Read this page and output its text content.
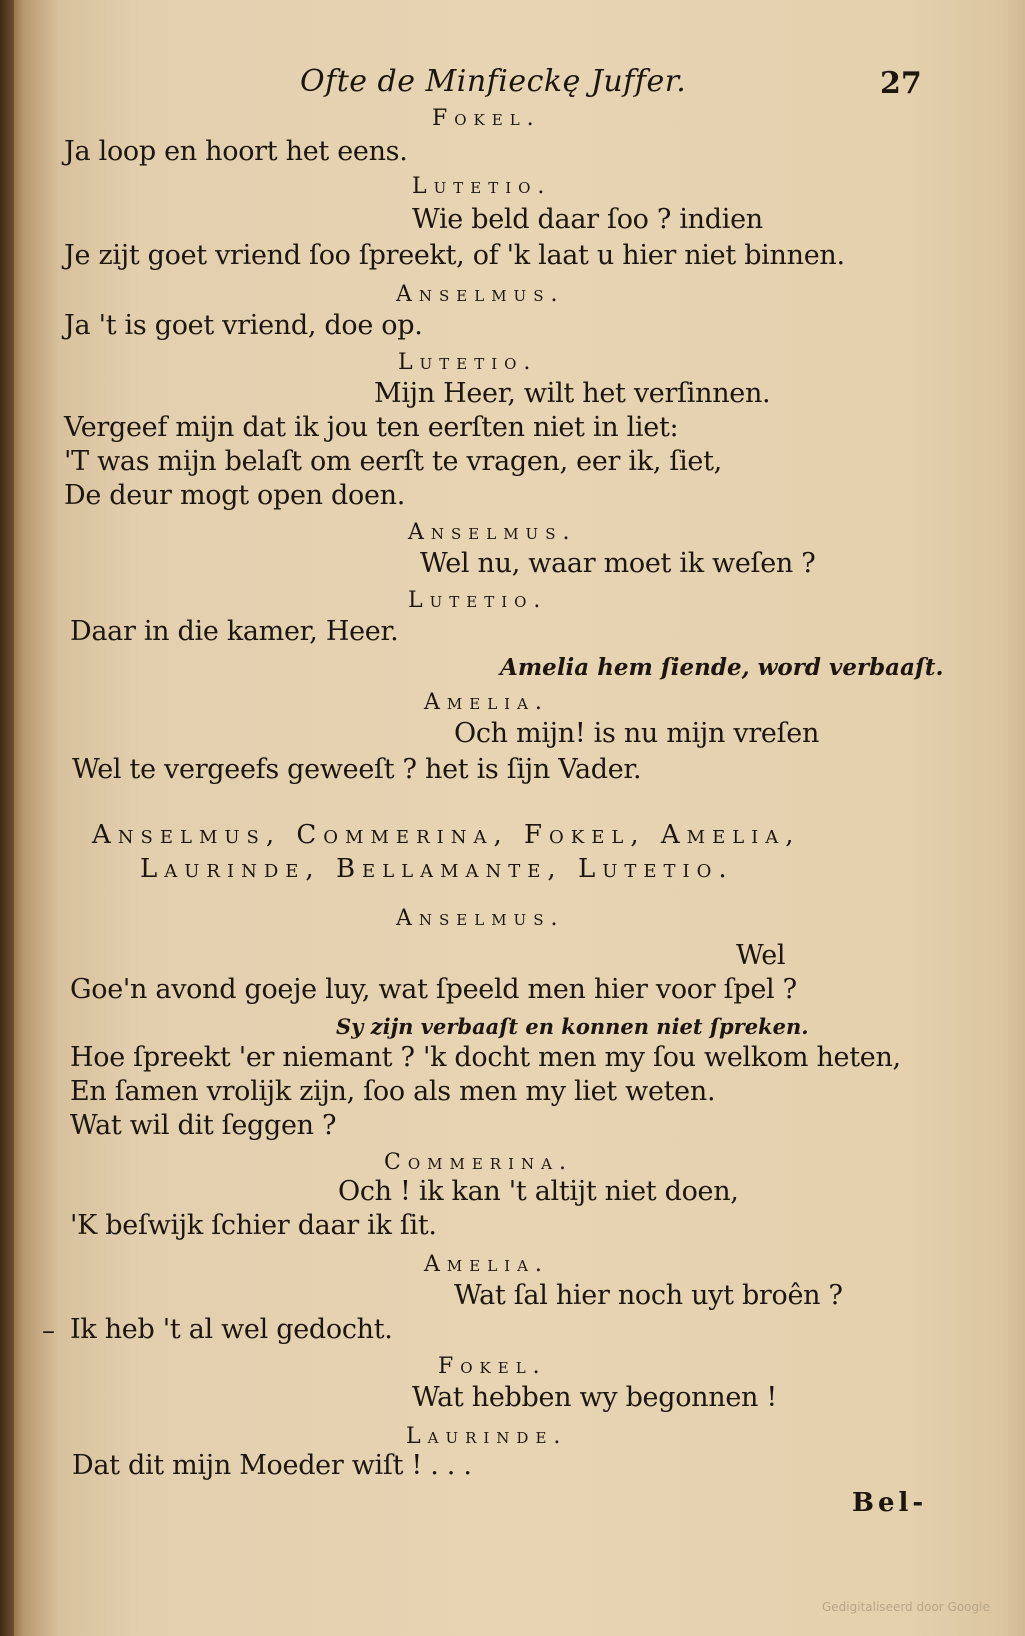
Ofte de Minfieckę Juffer.	27
Fokel.
Ja loop en hoort het eens.
Lutetio.
Wie beld daar ſoo ? indien
Je zijt goet vriend ſoo ſpreekt, of 'k laat u hier niet binnen.
Anselmus.
Ja 't is goet vriend, doe op.
Lutetio.
Mijn Heer, wilt het verſinnen.
Vergeef mijn dat ik jou ten eerſten niet in liet:
'T was mijn belaſt om eerſt te vragen, eer ik, ſiet,
De deur mogt open doen.
Anselmus.
Wel nu, waar moet ik weſen ?
Lutetio.
Daar in die kamer, Heer.
Amelia hem ſiende, word verbaaſt.
Amelia.
Och mijn! is nu mijn vreſen
Wel te vergeefs geweeſt ? het is ſijn Vader.
Anselmus, Commerina, Fokel, Amelia,
Laurinde, Bellamante, Lutetio.
Anselmus.
Wel
Goe'n avond goeje luy, wat ſpeeld men hier voor ſpel ?
Sy zijn verbaaſt en konnen niet ſpreken.
Hoe ſpreekt 'er niemant ? 'k docht men my ſou welkom heten,
En ſamen vrolijk zijn, ſoo als men my liet weten.
Wat wil dit ſeggen ?
Commerina.
Och ! ik kan 't altijt niet doen,
'K beſwijk ſchier daar ik ſit.
Amelia.
Wat ſal hier noch uyt broên ?
– Ik heb 't al wel gedocht.
Fokel.
Wat hebben wy begonnen !
Laurinde.
Dat dit mijn Moeder wiſt ! . . .
Bel-
Gedigitaliseerd door Google
